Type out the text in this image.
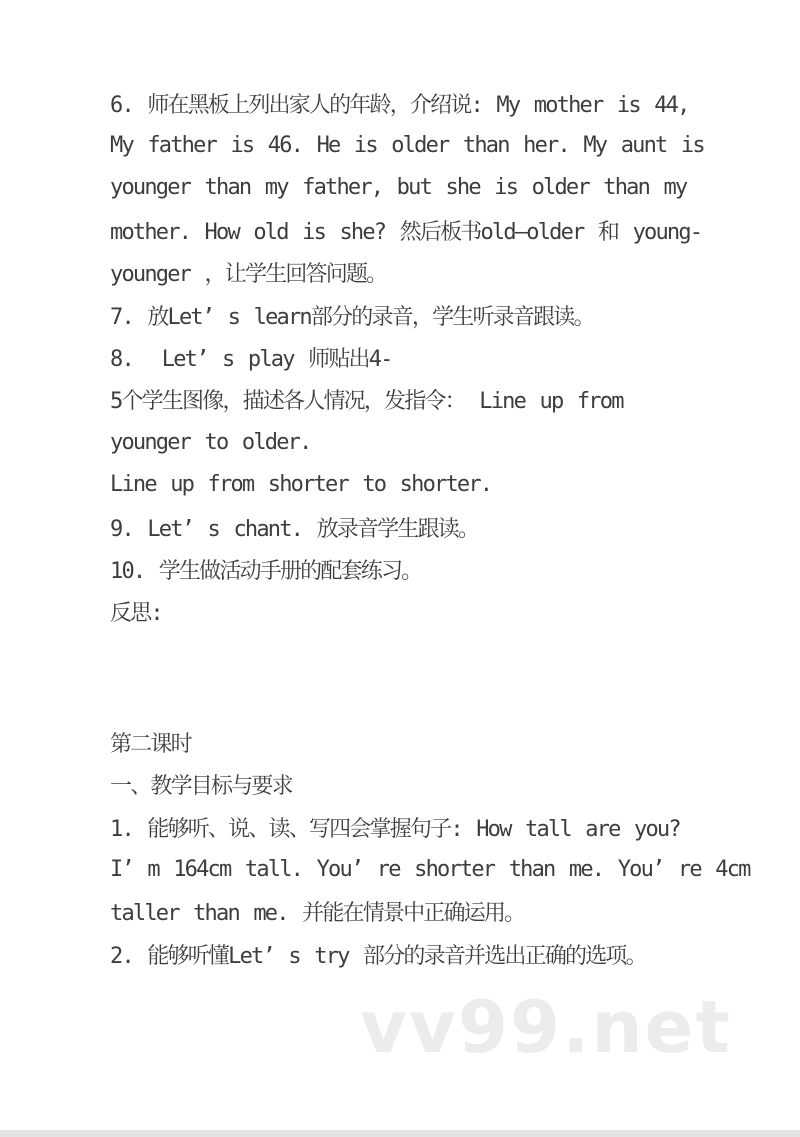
6. 师在黑板上列出家人的年龄，介绍说: My mother is 44,
My father is 46. He is older than her. My aunt is
younger than my father, but she is older than my
mother. How old is she? 然后板书old—older 和 young-
younger ，让学生回答问题。
7. 放Let’ s learn部分的录音，学生听录音跟读。
8.  Let’ s play 师贴出4-
5个学生图像，描述各人情况，发指令： Line up from
younger to older.
Line up from shorter to shorter.
9. Let’ s chant. 放录音学生跟读。
10. 学生做活动手册的配套练习。
反思:
第二课时
一、教学目标与要求
1. 能够听、说、读、写四会掌握句子: How tall are you?
I’ m 164cm tall. You’ re shorter than me. You’ re 4cm
taller than me. 并能在情景中正确运用。
2. 能够听懂Let’ s try 部分的录音并选出正确的选项。
vv99.net
